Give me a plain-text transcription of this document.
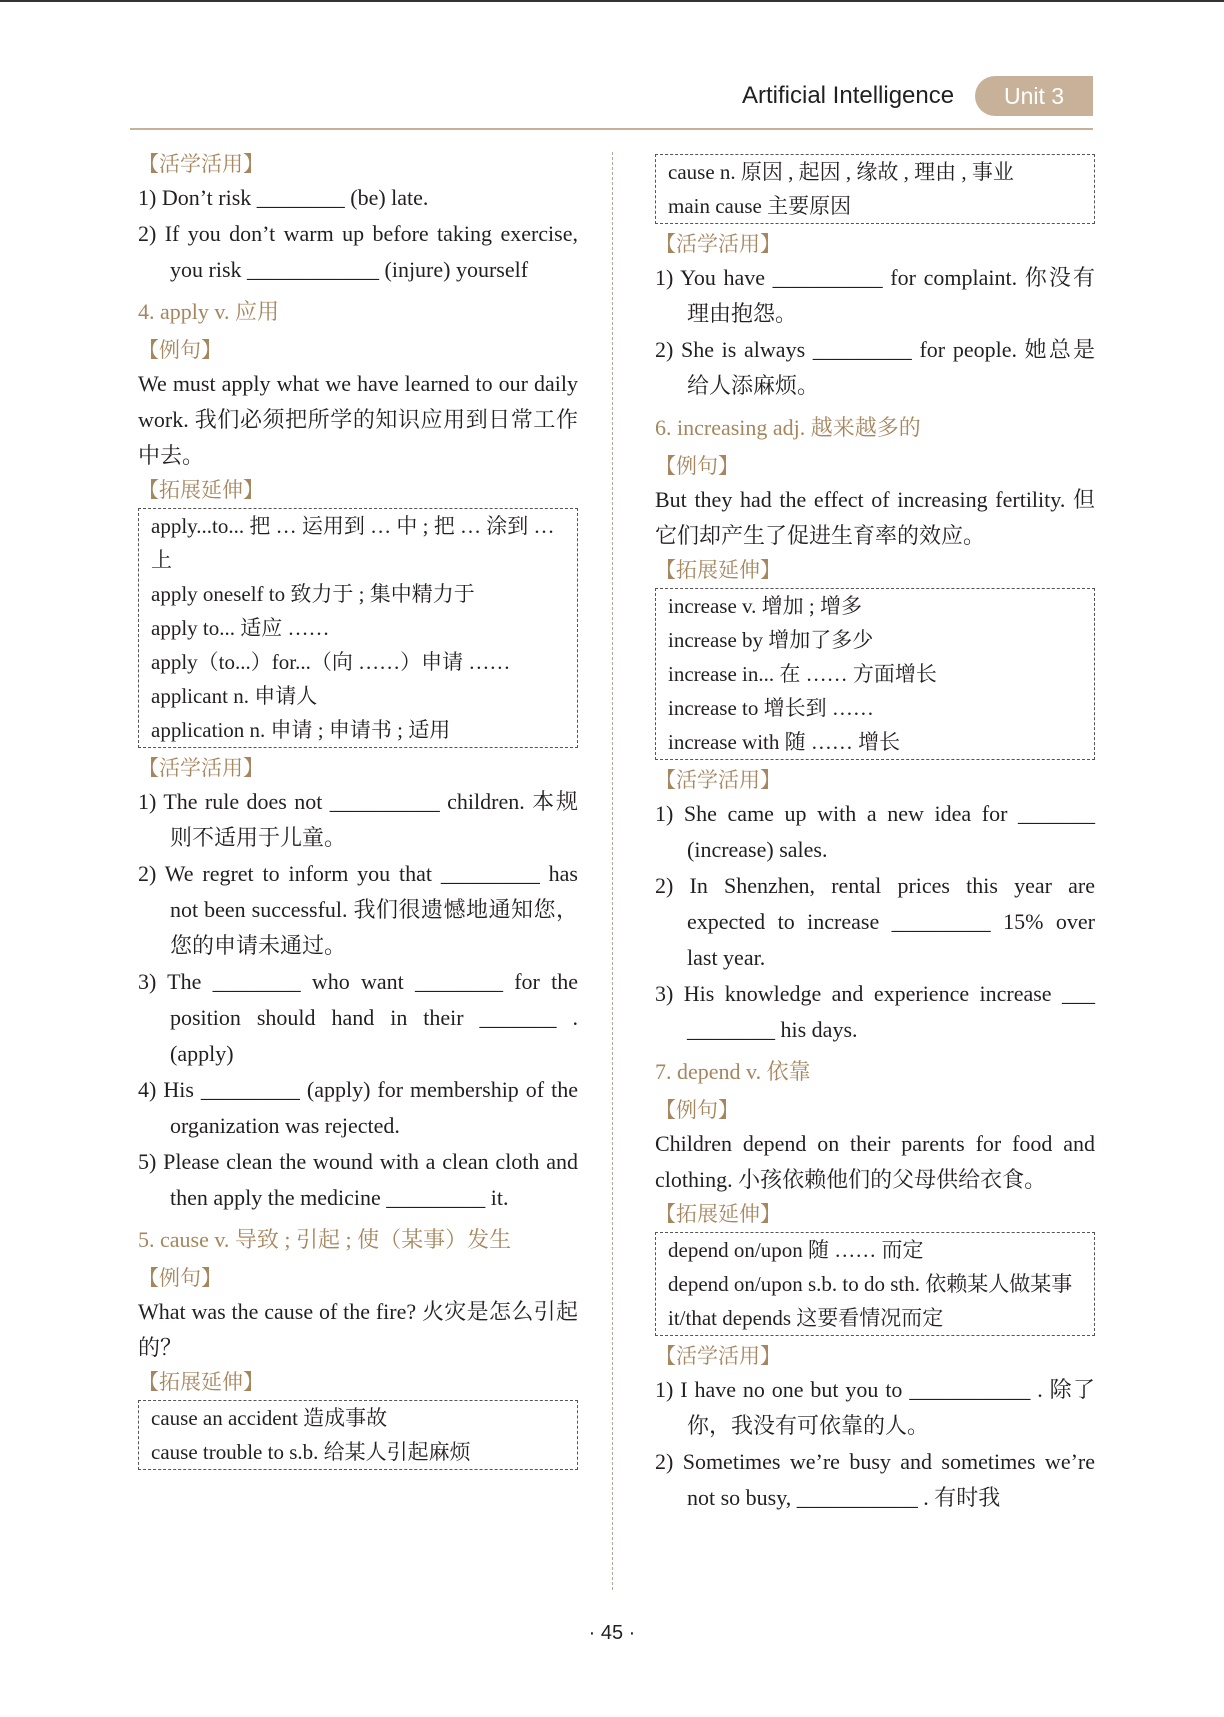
Artificial Intelligence	Unit 3
【活学活用】
1) Don’t risk ________ (be) late.
2) If you don’t warm up before taking exercise, you risk ____________ (injure) yourself
4. apply v. 应用
【例句】

We must apply what we have learned to our daily work. 我们必须把所学的知识应用到日常工作中去。

【拓展延伸】
apply...to... 把 … 运用到 … 中 ; 把 … 涂到 … 上
apply oneself to 致力于 ; 集中精力于
apply to... 适应 ……
apply（to...）for...（向 ……）申请 ……
applicant n. 申请人
application n. 申请 ; 申请书 ; 适用
【活学活用】
1) The rule does not __________ children. 本规则不适用于儿童。
2) We regret to inform you that _________ has not been successful. 我们很遗憾地通知您，您的申请未通过。
3) The ________ who want ________ for the position should hand in their _______ . (apply)
4) His _________ (apply) for membership of the organization was rejected.
5) Please clean the wound with a clean cloth and then apply the medicine _________ it.
5. cause v. 导致 ; 引起 ; 使（某事）发生
【例句】

What was the cause of the fire? 火灾是怎么引起的？

【拓展延伸】
cause an accident 造成事故
cause trouble to s.b. 给某人引起麻烦
cause n. 原因 , 起因 , 缘故 , 理由 , 事业
main cause 主要原因
【活学活用】
1) You have __________ for complaint. 你没有理由抱怨。
2) She is always _________ for people. 她总是给人添麻烦。
6. increasing adj. 越来越多的
【例句】

But they had the effect of increasing fertility. 但它们却产生了促进生育率的效应。

【拓展延伸】
increase v. 增加 ; 增多
increase by 增加了多少
increase in... 在 …… 方面增长
increase to 增长到 ……
increase with 随 …… 增长
【活学活用】
1) She came up with a new idea for _______ (increase) sales.
2) In Shenzhen, rental prices this year are expected to increase _________ 15% over last year.
3) His knowledge and experience increase ___ ________ his days.
7. depend v. 依靠
【例句】

Children depend on their parents for food and clothing. 小孩依赖他们的父母供给衣食。

【拓展延伸】
depend on/upon 随 …… 而定
depend on/upon s.b. to do sth. 依赖某人做某事
it/that depends 这要看情况而定
【活学活用】
1) I have no one but you to ___________ . 除了你，我没有可依靠的人。
2) Sometimes we’re busy and sometimes we’re not so busy, ___________ . 有时我
· 45 ·
